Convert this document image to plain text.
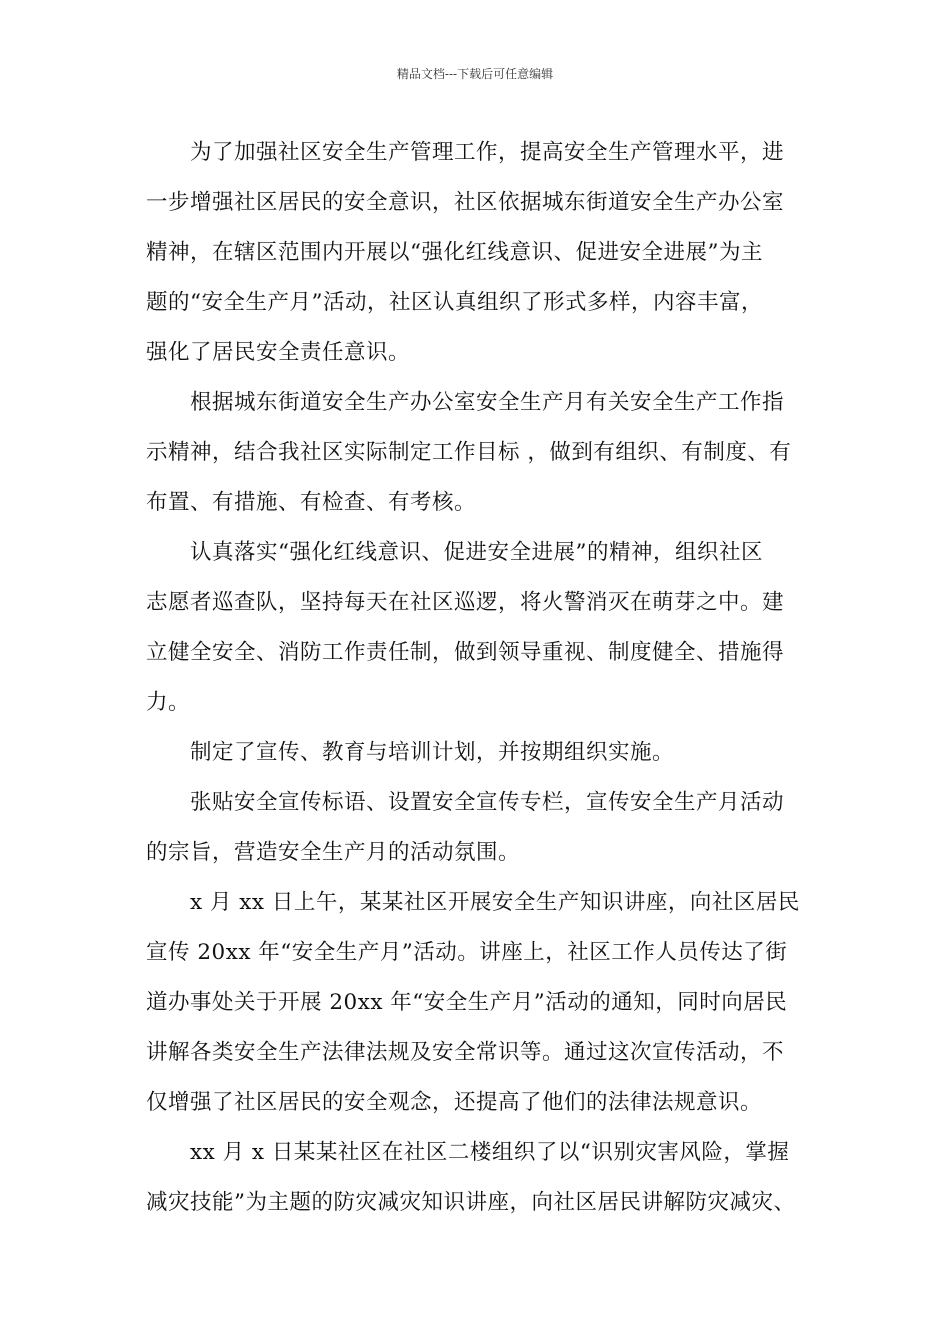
精品文档---下载后可任意编辑
为了加强社区安全生产管理工作，提高安全生产管理水平，进
一步增强社区居民的安全意识，社区依据城东街道安全生产办公室
精神，在辖区范围内开展以“强化红线意识、促进安全进展”为主
题的“安全生产月”活动，社区认真组织了形式多样，内容丰富，
强化了居民安全责任意识。
根据城东街道安全生产办公室安全生产月有关安全生产工作指
示精神，结合我社区实际制定工作目标 ，做到有组织、有制度、有
布置、有措施、有检查、有考核。
认真落实“强化红线意识、促进安全进展”的精神，组织社区
志愿者巡查队，坚持每天在社区巡逻，将火警消灭在萌芽之中。建
立健全安全、消防工作责任制，做到领导重视、制度健全、措施得
力。
制定了宣传、教育与培训计划，并按期组织实施。
张贴安全宣传标语、设置安全宣传专栏，宣传安全生产月活动
的宗旨，营造安全生产月的活动氛围。
x 月 xx 日上午，某某社区开展安全生产知识讲座，向社区居民
宣传 20xx 年“安全生产月”活动。讲座上，社区工作人员传达了街
道办事处关于开展 20xx 年“安全生产月”活动的通知，同时向居民
讲解各类安全生产法律法规及安全常识等。通过这次宣传活动，不
仅增强了社区居民的安全观念，还提高了他们的法律法规意识。
xx 月 x 日某某社区在社区二楼组织了以“识别灾害风险，掌握
减灾技能”为主题的防灾减灾知识讲座，向社区居民讲解防灾减灾、
